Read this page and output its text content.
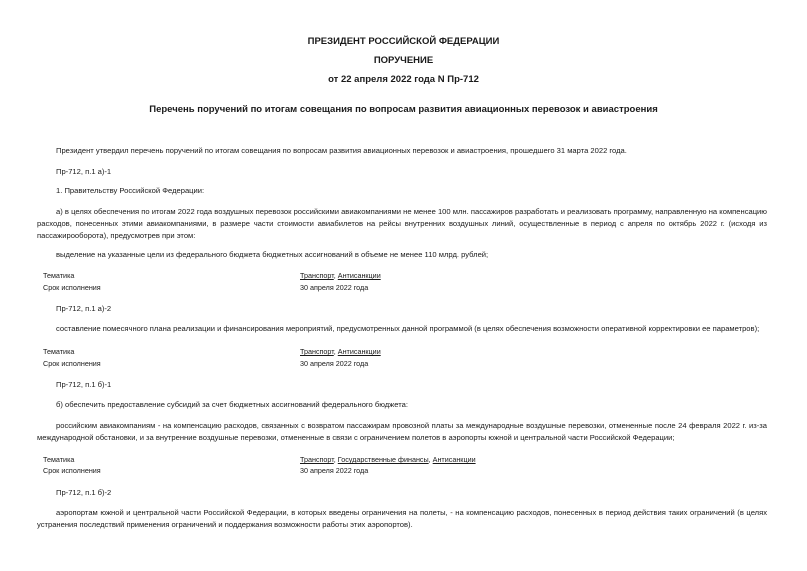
ПРЕЗИДЕНТ РОССИЙСКОЙ ФЕДЕРАЦИИ
ПОРУЧЕНИЕ
от 22 апреля 2022 года N Пр-712
Перечень поручений по итогам совещания по вопросам развития авиационных перевозок и авиастроения
Президент утвердил перечень поручений по итогам совещания по вопросам развития авиационных перевозок и авиастроения, прошедшего 31 марта 2022 года.
Пр-712, п.1 а)-1
1. Правительству Российской Федерации:
а) в целях обеспечения по итогам 2022 года воздушных перевозок российскими авиакомпаниями не менее 100 млн. пассажиров разработать и реализовать программу, направленную на компенсацию расходов, понесенных этими авиакомпаниями, в размере части стоимости авиабилетов на рейсы внутренних воздушных линий, осуществленные в период с апреля по октябрь 2022 г. (исходя из пассажирооборота), предусмотрев при этом:
выделение на указанные цели из федерального бюджета бюджетных ассигнований в объеме не менее 110 млрд. рублей;
Тематика	Транспорт, Антисанкции
Срок исполнения	30 апреля 2022 года
Пр-712, п.1 а)-2
составление помесячного плана реализации и финансирования мероприятий, предусмотренных данной программой (в целях обеспечения возможности оперативной корректировки ее параметров);
Тематика	Транспорт, Антисанкции
Срок исполнения	30 апреля 2022 года
Пр-712, п.1 б)-1
б) обеспечить предоставление субсидий за счет бюджетных ассигнований федерального бюджета:
российским авиакомпаниям - на компенсацию расходов, связанных с возвратом пассажирам провозной платы за международные воздушные перевозки, отмененные после 24 февраля 2022 г. из-за международной обстановки, и за внутренние воздушные перевозки, отмененные в связи с ограничением полетов в аэропорты южной и центральной части Российской Федерации;
Тематика	Транспорт, Государственные финансы, Антисанкции
Срок исполнения	30 апреля 2022 года
Пр-712, п.1 б)-2
аэропортам южной и центральной части Российской Федерации, в которых введены ограничения на полеты, - на компенсацию расходов, понесенных в период действия таких ограничений (в целях устранения последствий применения ограничений и поддержания возможности работы этих аэропортов).
